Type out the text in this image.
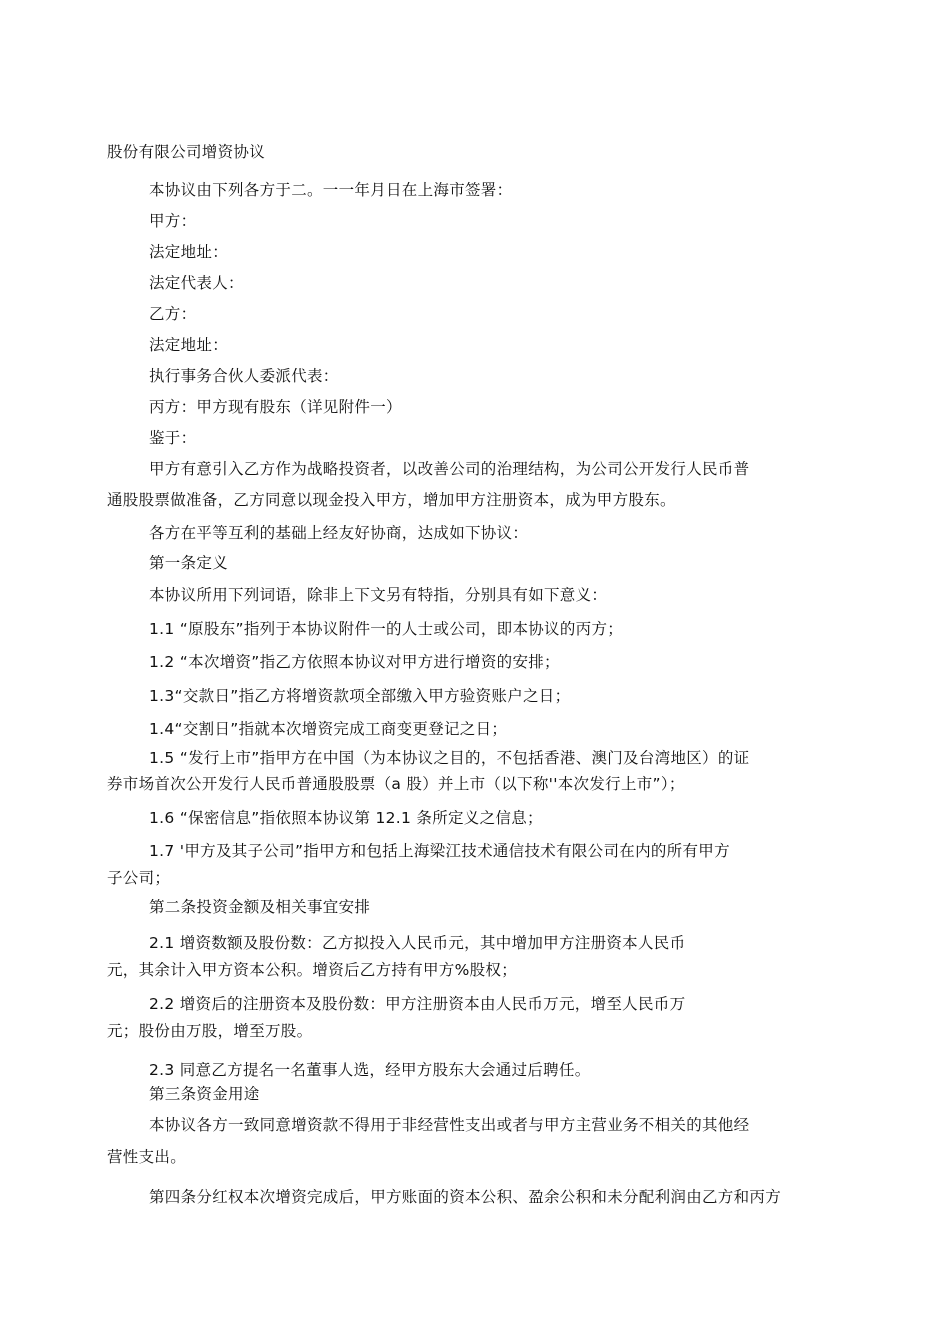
股份有限公司增资协议
本协议由下列各方于二。一一年月日在上海市签署：
甲方：
法定地址：
法定代表人：
乙方：
法定地址：
执行事务合伙人委派代表：
丙方：甲方现有股东（详见附件一）
鉴于：
甲方有意引入乙方作为战略投资者，以改善公司的治理结构，为公司公开发行人民币普
通股股票做准备，乙方同意以现金投入甲方，增加甲方注册资本，成为甲方股东。
各方在平等互利的基础上经友好协商，达成如下协议：
第一条定义
本协议所用下列词语，除非上下文另有特指，分别具有如下意义：
1.1 “原股东”指列于本协议附件一的人士或公司，即本协议的丙方；
1.2 “本次增资”指乙方依照本协议对甲方进行增资的安排；
1.3“交款日”指乙方将增资款项全部缴入甲方验资账户之日；
1.4“交割日”指就本次增资完成工商变更登记之日；
1.5 “发行上市”指甲方在中国（为本协议之目的，不包括香港、澳门及台湾地区）的证
券市场首次公开发行人民币普通股股票（a 股）并上市（以下称''本次发行上市”）；
1.6 “保密信息”指依照本协议第 12.1 条所定义之信息；
1.7 '甲方及其子公司”指甲方和包括上海梁江技术通信技术有限公司在内的所有甲方
子公司；
第二条投资金额及相关事宜安排
2.1 增资数额及股份数：乙方拟投入人民币元，其中增加甲方注册资本人民币
元，其余计入甲方资本公积。增资后乙方持有甲方%股权；
2.2 增资后的注册资本及股份数：甲方注册资本由人民币万元，增至人民币万
元；股份由万股，增至万股。
2.3 同意乙方提名一名董事人选，经甲方股东大会通过后聘任。
第三条资金用途
本协议各方一致同意增资款不得用于非经营性支出或者与甲方主营业务不相关的其他经
营性支出。
第四条分红权本次增资完成后，甲方账面的资本公积、盈余公积和未分配利润由乙方和丙方
